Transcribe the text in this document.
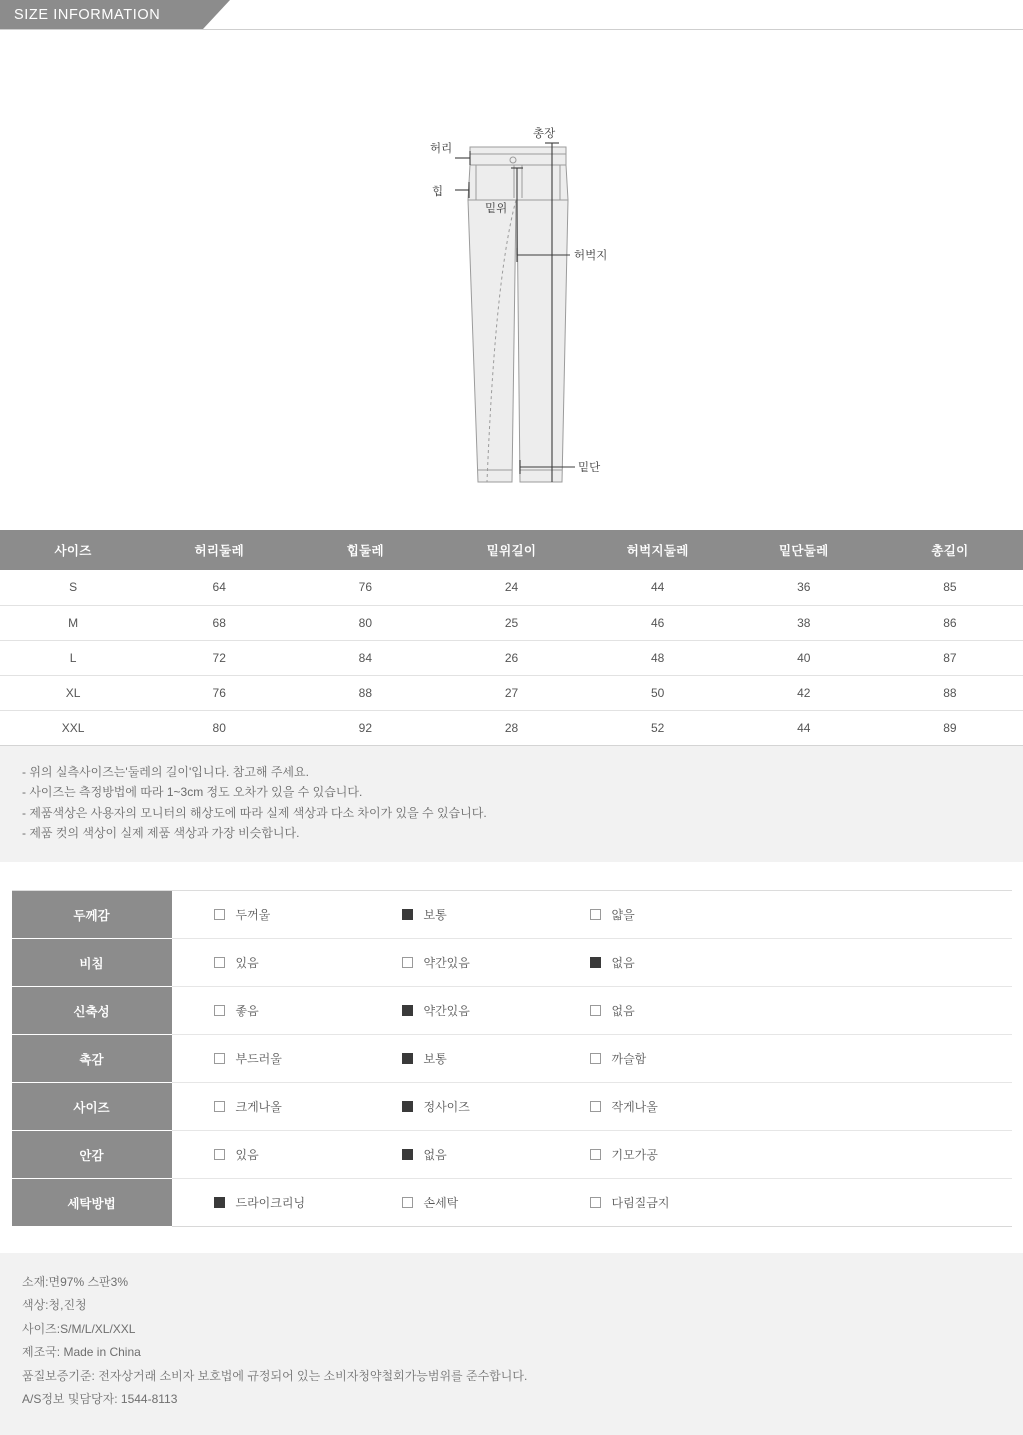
SIZE INFORMATION
허리
힙
밑위
총장
허벅지
밑단
사이즈	허리둘레	힙둘레	밑위길이	허벅지둘레	밑단둘레	총길이
S	64	76	24	44	36	85
M	68	80	25	46	38	86
L	72	84	26	48	40	87
XL	76	88	27	50	42	88
XXL	80	92	28	52	44	89
- 위의 실측사이즈는'둘레의 길이'입니다. 참고해 주세요.
- 사이즈는 측정방법에 따라 1~3cm 정도 오차가 있을 수 있습니다.
- 제품색상은 사용자의 모니터의 해상도에 따라 실제 색상과 다소 차이가 있을 수 있습니다.
- 제품 컷의 색상이 실제 제품 색상과 가장 비슷합니다.
두께감	두꺼울 보통 얇을

비침	있음 약간있음 없음

신축성	좋음 약간있음 없음

촉감	부드러울 보통 까슬함

사이즈	크게나올 정사이즈 작게나올

안감	있음 없음 기모가공

세탁방법	드라이크리닝 손세탁 다림질금지
소재:면97% 스판3%
색상:청,진청
사이즈:S/M/L/XL/XXL
제조국: Made in China
품질보증기준: 전자상거래 소비자 보호법에 규정되어 있는 소비자청약철회가능범위를 준수합니다.
A/S정보 및담당자: 1544-8113
